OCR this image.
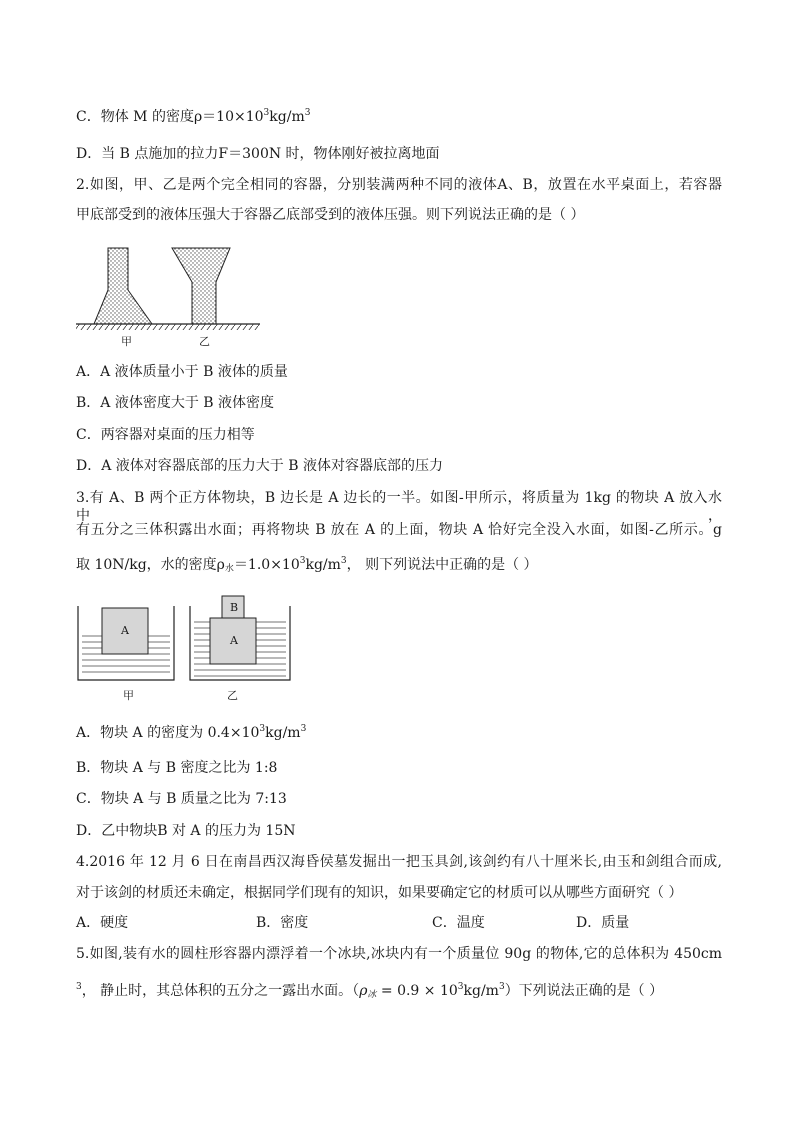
C．物体 M 的密度$\rho=10\times 10^3kg/m^3$
D．当 B 点施加的拉力F＝300N 时，物体刚好被拉离地面
2.如图，甲、乙是两个完全相同的容器，分别装满两种不同的液体A、B，放置在水平桌面上，若容器
甲底部受到的液体压强大于容器乙底部受到的液体压强。则下列说法正确的是（ ）
甲	乙
A．A 液体质量小于 B 液体的质量
B．A 液体密度大于 B 液体密度
C．两容器对桌面的压力相等
D．A 液体对容器底部的压力大于 B 液体对容器底部的压力
3.有 A、B 两个正方体物块，B 边长是 A 边长的一半。如图-甲所示，将质量为 1kg 的物块 A 放入水中，
有五分之三体积露出水面；再将物块 B 放在 A 的上面，物块 A 恰好完全没入水面，如图-乙所示。g
取 10N/kg，水的密度$\rho_水=1.0\times 10^3kg/m^3$， 则下列说法中正确的是（ ）
A
B
A
甲	乙
A．物块 A 的密度为 $0.4\times 10^3kg/m^3$
B．物块 A 与 B 密度之比为 1:8
C．物块 A 与 B 质量之比为 7:13
D．乙中物块B 对 A 的压力为 15N
4.2016 年 12 月 6 日在南昌西汉海昏侯墓发掘出一把玉具剑,该剑约有八十厘米长,由玉和剑组合而成,
对于该剑的材质还未确定，根据同学们现有的知识，如果要确定它的材质可以从哪些方面研究（ ）
A．硬度	B．密度	C．温度	D．质量
5.如图,装有水的圆柱形容器内漂浮着一个冰块,冰块内有一个质量位 90g 的物体,它的总体积为 450cm
$^3$， 静止时，其总体积的五分之一露出水面。$(\rho_冰 = 0.9 \times 10^3kg/m^3)$下列说法正确的是（ ）
